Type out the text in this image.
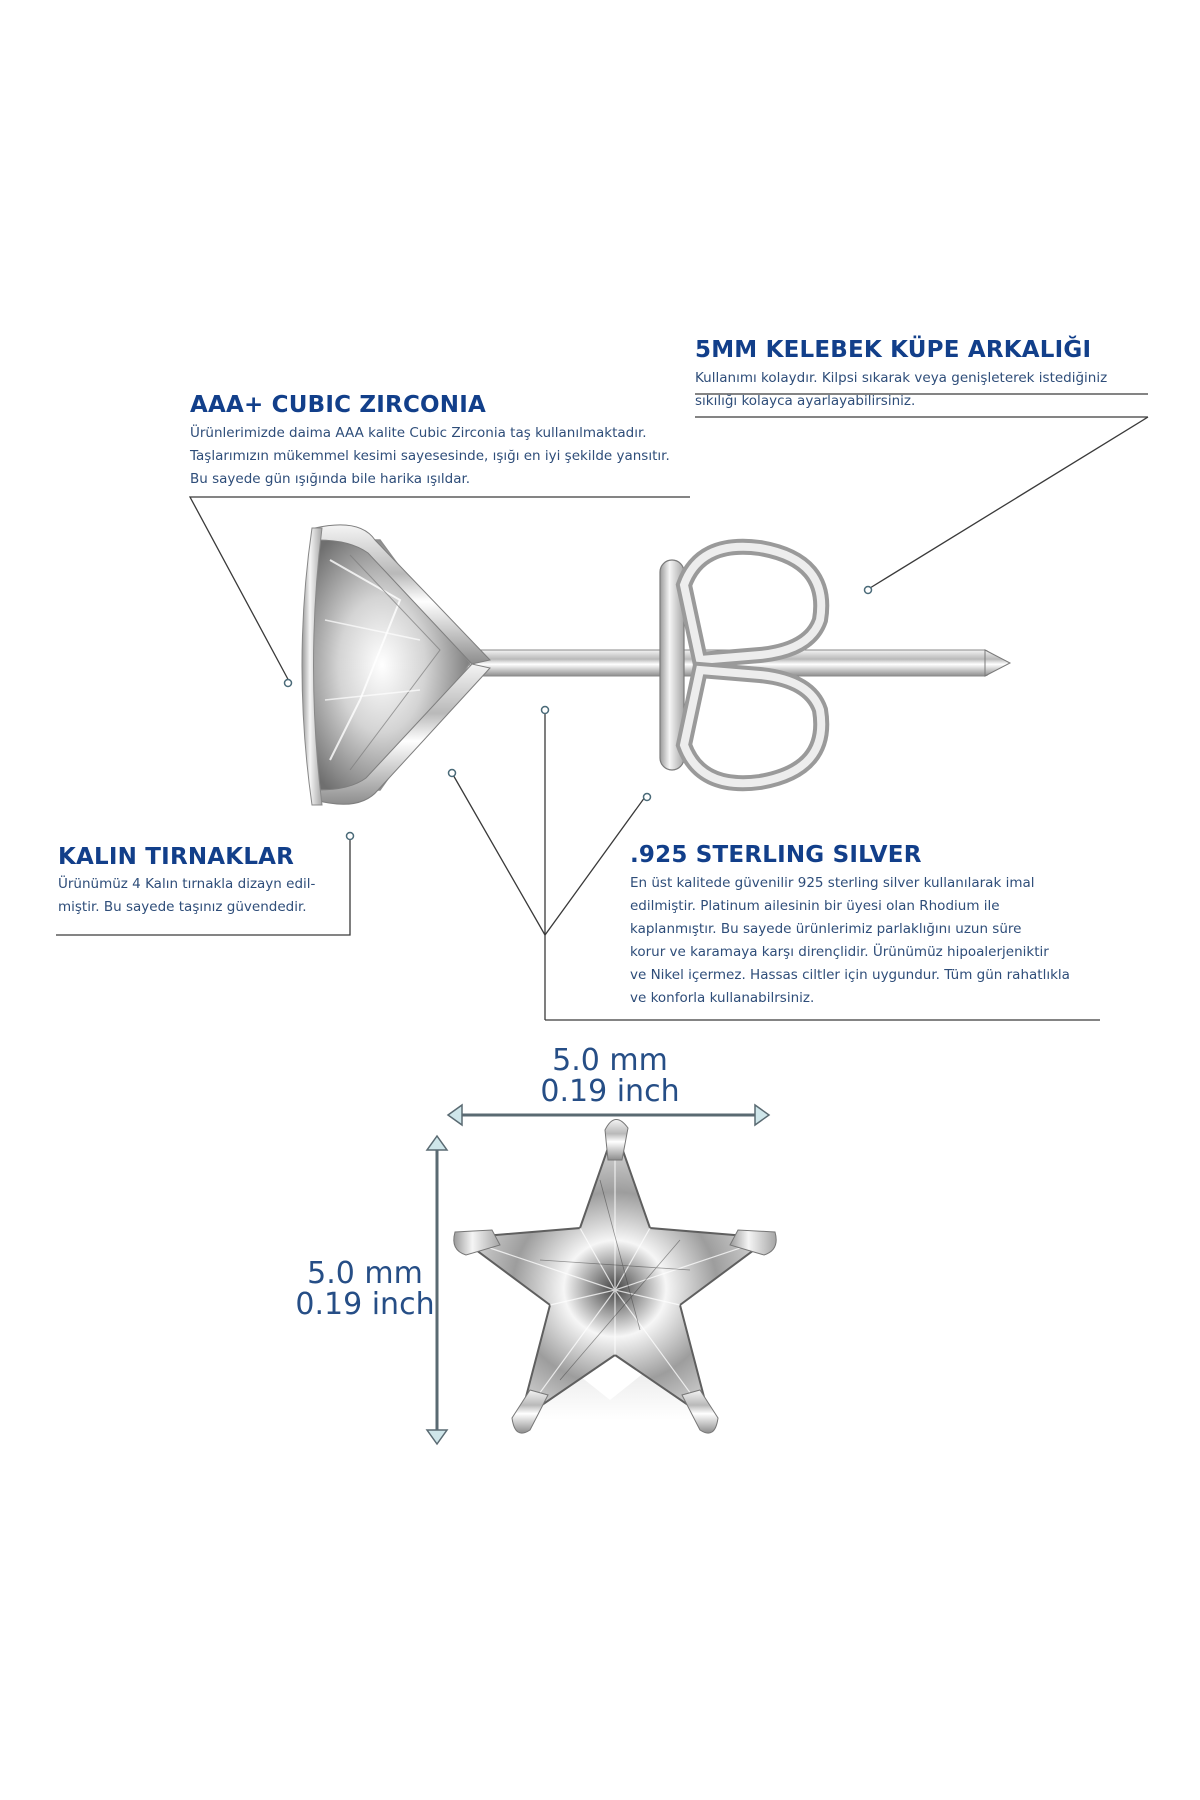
5MM KELEBEK KÜPE ARKALIĞI
Kullanımı kolaydır. Kilpsi sıkarak veya genişleterek istediğiniz
sıkılığı kolayca ayarlayabilirsiniz.
AAA+ CUBIC ZIRCONIA
Ürünlerimizde daima AAA kalite Cubic Zirconia taş kullanılmaktadır.
Taşlarımızın mükemmel kesimi sayesesinde, ışığı en iyi şekilde yansıtır.
Bu sayede gün ışığında bile harika ışıldar.
KALIN TIRNAKLAR
Ürünümüz 4 Kalın tırnakla dizayn edil-
miştir. Bu sayede taşınız güvendedir.
.925 STERLING SILVER
En üst kalitede güvenilir 925 sterling silver kullanılarak imal
edilmiştir. Platinum ailesinin bir üyesi olan Rhodium ile
kaplanmıştır. Bu sayede ürünlerimiz parlaklığını uzun süre
korur ve karamaya karşı dirençlidir. Ürünümüz hipoalerjeniktir
ve Nikel içermez. Hassas ciltler için uygundur. Tüm gün rahatlıkla
ve konforla kullanabilrsiniz.
5.0 mm
0.19 inch
5.0 mm
0.19 inch
